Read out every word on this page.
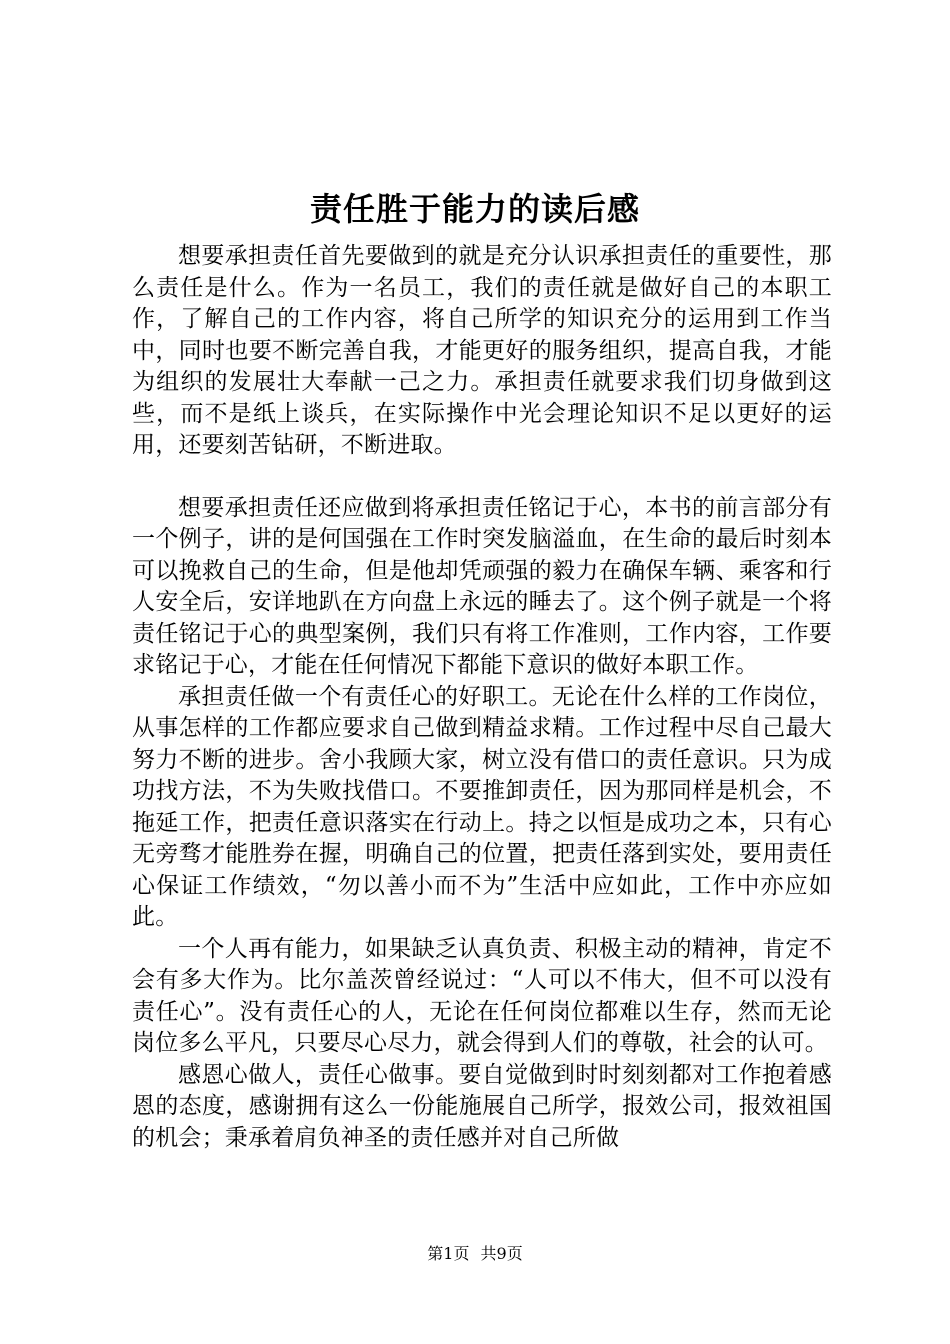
责任胜于能力的读后感

想要承担责任首先要做到的就是充分认识承担责任的重要性，那么责任是什么。作为一名员工，我们的责任就是做好自己的本职工作，了解自己的工作内容，将自己所学的知识充分的运用到工作当中，同时也要不断完善自我，才能更好的服务组织，提高自我，才能为组织的发展壮大奉献一己之力。承担责任就要求我们切身做到这些，而不是纸上谈兵，在实际操作中光会理论知识不足以更好的运用，还要刻苦钻研，不断进取。

想要承担责任还应做到将承担责任铭记于心，本书的前言部分有一个例子，讲的是何国强在工作时突发脑溢血，在生命的最后时刻本可以挽救自己的生命，但是他却凭顽强的毅力在确保车辆、乘客和行人安全后，安详地趴在方向盘上永远的睡去了。这个例子就是一个将责任铭记于心的典型案例，我们只有将工作准则，工作内容，工作要求铭记于心，才能在任何情况下都能下意识的做好本职工作。

承担责任做一个有责任心的好职工。无论在什么样的工作岗位，从事怎样的工作都应要求自己做到精益求精。工作过程中尽自己最大努力不断的进步。舍小我顾大家，树立没有借口的责任意识。只为成功找方法，不为失败找借口。不要推卸责任，因为那同样是机会，不拖延工作，把责任意识落实在行动上。持之以恒是成功之本，只有心无旁骛才能胜券在握，明确自己的位置，把责任落到实处，要用责任心保证工作绩效，“勿以善小而不为”生活中应如此，工作中亦应如此。

一个人再有能力，如果缺乏认真负责、积极主动的精神，肯定不会有多大作为。比尔盖茨曾经说过：“人可以不伟大，但不可以没有责任心”。没有责任心的人，无论在任何岗位都难以生存，然而无论岗位多么平凡，只要尽心尽力，就会得到人们的尊敬，社会的认可。

感恩心做人，责任心做事。要自觉做到时时刻刻都对工作抱着感恩的态度，感谢拥有这么一份能施展自己所学，报效公司，报效祖国的机会；秉承着肩负神圣的责任感并对自己所做

第1页 共9页
